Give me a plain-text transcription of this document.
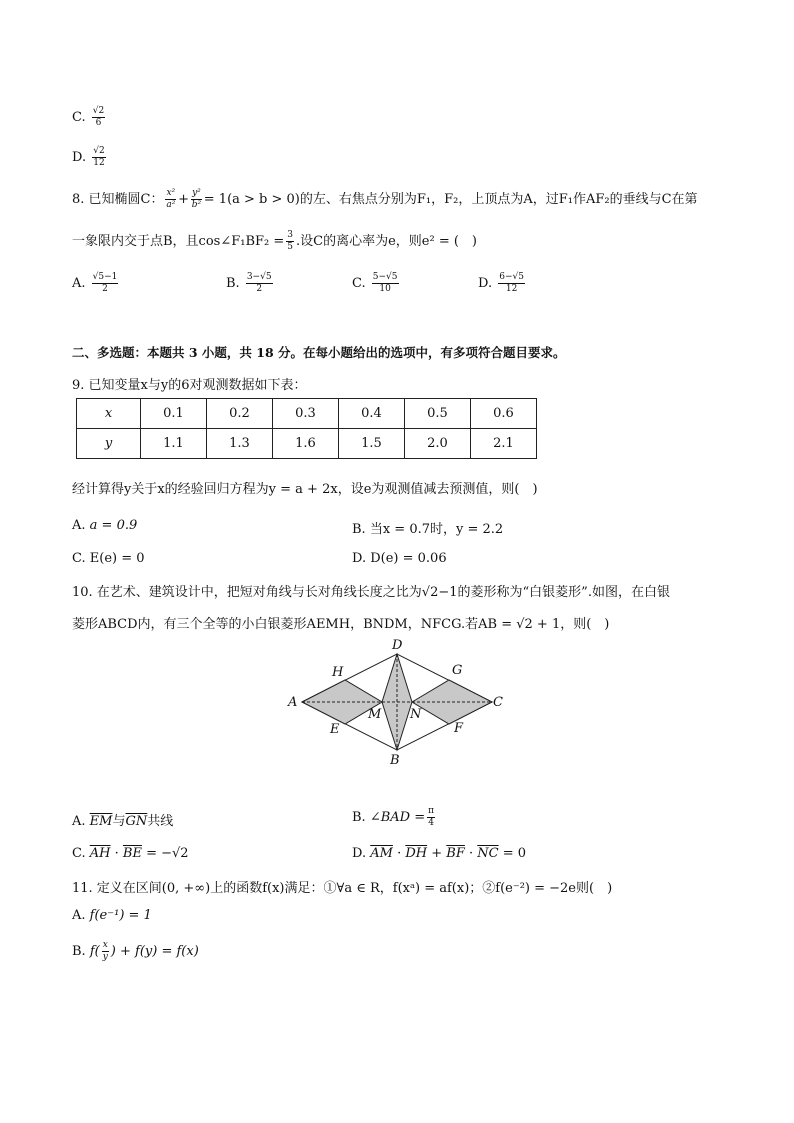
C. $\frac{√2}{6}$
D. $\frac{√2}{12}$
8. 已知椭圆C： $\frac{\text{x²}}{\text{a²}} + \frac{\text{y²}}{\text{b²}} = 1(a > b > 0)$的左、右焦点分别为F₁，F₂，上顶点为A，过F₁作AF₂的垂线与C在第
一象限内交于点B，且cos∠F₁BF₂ = $\frac{3}{5}$ .设C的离心率为e，则e² = (　)
A. $\frac{√5-1}{2}$	B. $\frac{3-√5}{2}$	C. $\frac{5-√5}{10}$	D. $\frac{6-√5}{12}$
二、多选题：本题共 3 小题，共 18 分。在每小题给出的选项中，有多项符合题目要求。
9. 已知变量x与y的6对观测数据如下表：
x	0.1	0.2	0.3	0.4	0.5	0.6
y	1.1	1.3	1.6	1.5	2.0	2.1
经计算得y关于x的经验回归方程为y = a + 2x，设e为观测值减去预测值，则(　)
A. a = 0.9	B. 当x = 0.7时，y = 2.2
C. E(e) = 0	D. D(e) = 0.06
10. 在艺术、建筑设计中，把短对角线与长对角线长度之比为√2−1的菱形称为“白银菱形”.如图，在白银
菱形ABCD内，有三个全等的小白银菱形AEMH，BNDM，NFCG.若AB = √2 + 1，则(　)
A
D
C
B
H
E
G
F
M N
A. $\overline{EM}$与$\overline{GN}$共线	B. ∠BAD = $\frac{\pi}{4}$
C. $\overline{AH} \cdot \overline{BE} = -√2$	D. $\overline{AM} \cdot \overline{DH} + \overline{BF} \cdot \overline{NC} = 0$
11. 定义在区间(0, +∞)上的函数f(x)满足：①∀a ∈ R，f(xᵃ) = af(x)；②f(e⁻²) = −2e则(　)
A. f(e⁻¹) = 1
B. $f( \frac{x}{y}$ ) + f(y) = f(x)
